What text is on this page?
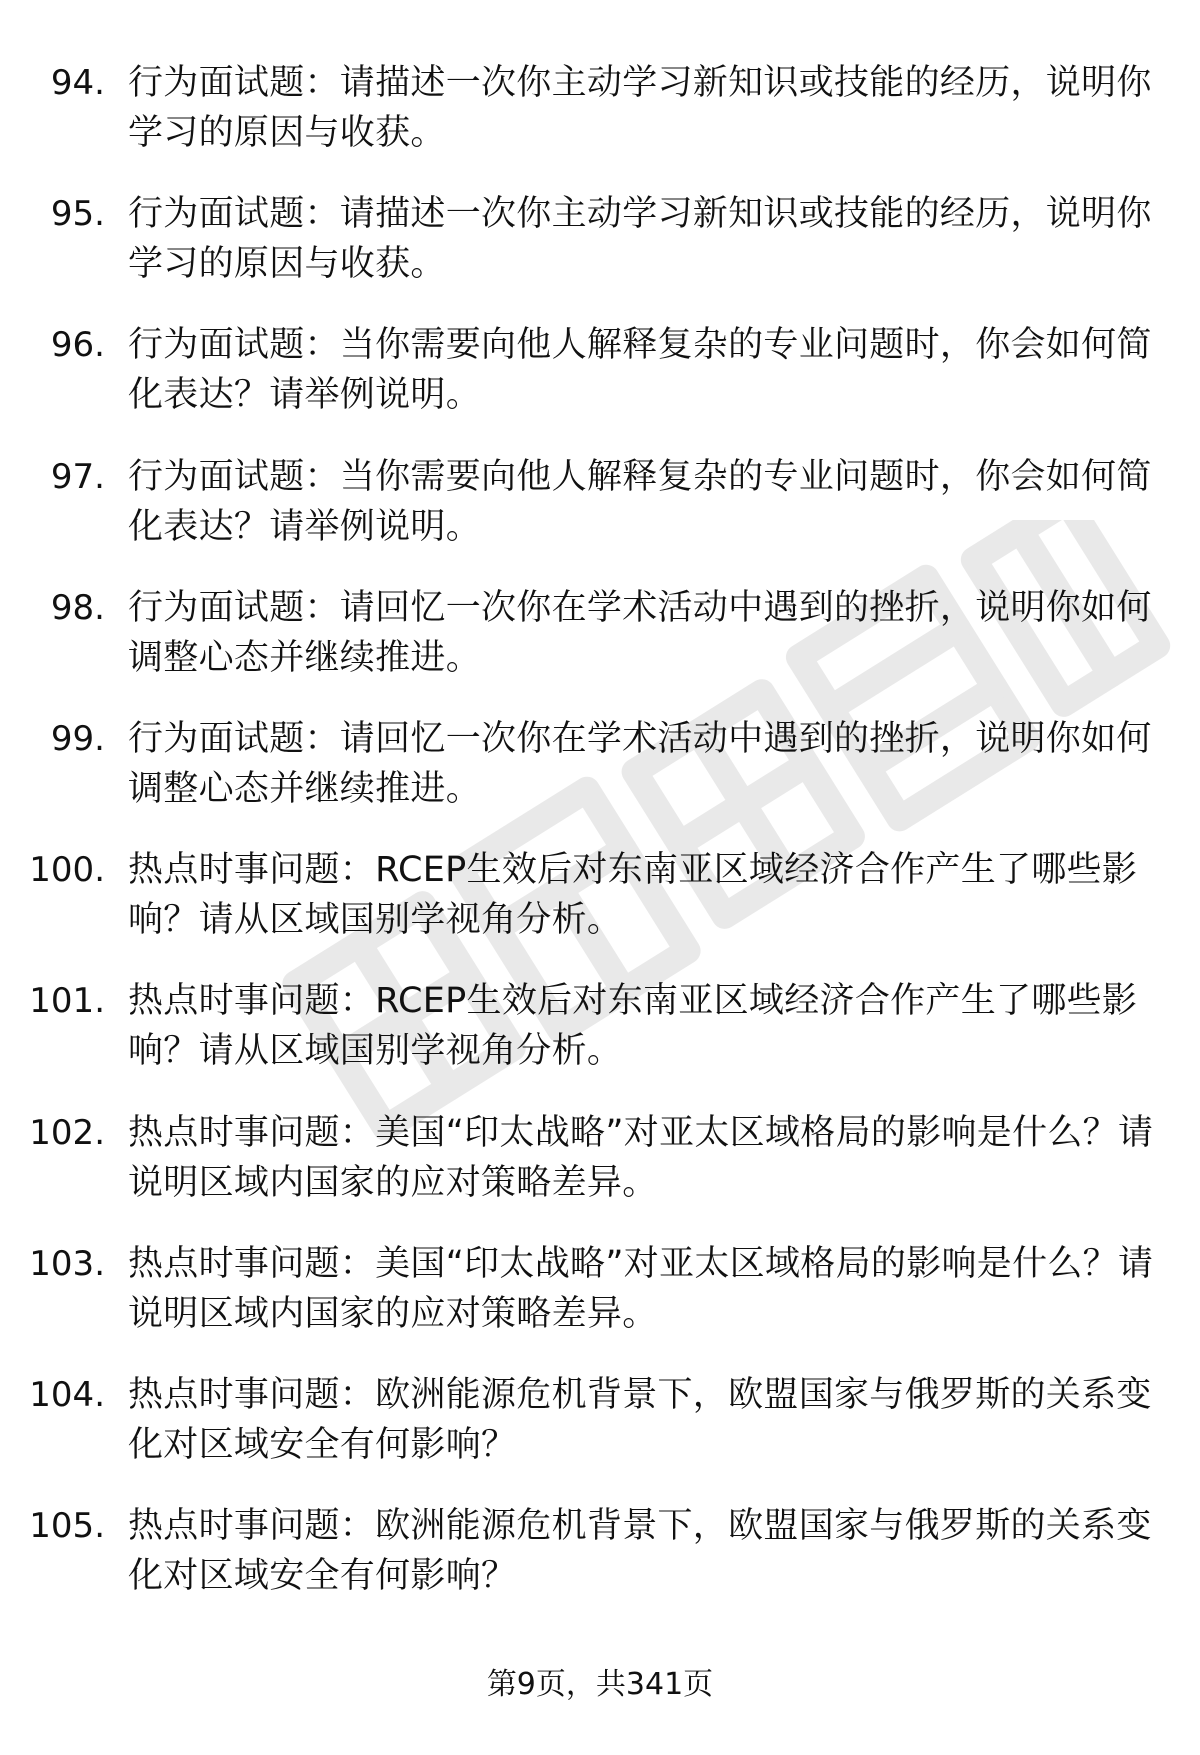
94. 行为面试题：请描述一次你主动学习新知识或技能的经历，说明你学习的原因与收获。
95. 行为面试题：请描述一次你主动学习新知识或技能的经历，说明你学习的原因与收获。
96. 行为面试题：当你需要向他人解释复杂的专业问题时，你会如何简化表达？请举例说明。
97. 行为面试题：当你需要向他人解释复杂的专业问题时，你会如何简化表达？请举例说明。
98. 行为面试题：请回忆一次你在学术活动中遇到的挫折，说明你如何调整心态并继续推进。
99. 行为面试题：请回忆一次你在学术活动中遇到的挫折，说明你如何调整心态并继续推进。
100. 热点时事问题：RCEP生效后对东南亚区域经济合作产生了哪些影响？请从区域国别学视角分析。
101. 热点时事问题：RCEP生效后对东南亚区域经济合作产生了哪些影响？请从区域国别学视角分析。
102. 热点时事问题：美国“印太战略”对亚太区域格局的影响是什么？请说明区域内国家的应对策略差异。
103. 热点时事问题：美国“印太战略”对亚太区域格局的影响是什么？请说明区域内国家的应对策略差异。
104. 热点时事问题：欧洲能源危机背景下，欧盟国家与俄罗斯的关系变化对区域安全有何影响？
105. 热点时事问题：欧洲能源危机背景下，欧盟国家与俄罗斯的关系变化对区域安全有何影响？
第9页，共341页
